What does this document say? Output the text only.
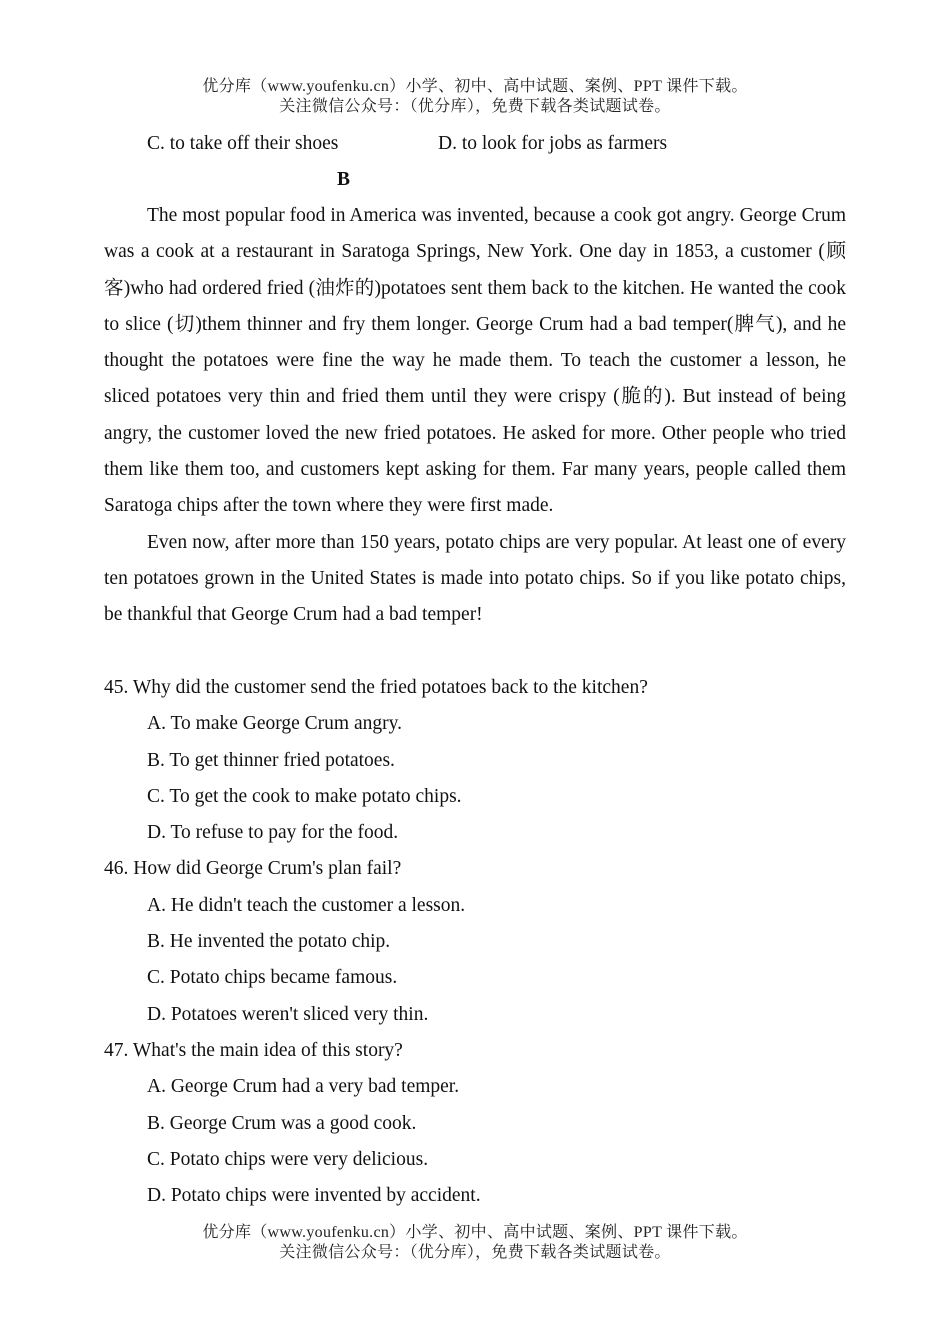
优分库（www.youfenku.cn）小学、初中、高中试题、案例、PPT 课件下载。
关注微信公众号：（优分库），免费下载各类试题试卷。
C. to take off their shoes	D. to look for jobs as farmers
B

The most popular food in America was invented, because a cook got angry. George Crum was a cook at a restaurant in Saratoga Springs, New York. One day in 1853, a customer (顾客)who had ordered fried (油炸的)potatoes sent them back to the kitchen. He wanted the cook to slice (切)them thinner and fry them longer. George Crum had a bad temper(脾气), and he thought the potatoes were fine the way he made them. To teach the customer a lesson, he sliced potatoes very thin and fried them until they were crispy (脆的). But instead of being angry, the customer loved the new fried potatoes. He asked for more. Other people who tried them like them too, and customers kept asking for them. Far many years, people called them Saratoga chips after the town where they were first made.

Even now, after more than 150 years, potato chips are very popular. At least one of every ten potatoes grown in the United States is made into potato chips. So if you like potato chips, be thankful that George Crum had a bad temper!

45. Why did the customer send the fried potatoes back to the kitchen?
A. To make George Crum angry.
B. To get thinner fried potatoes.
C. To get the cook to make potato chips.
D. To refuse to pay for the food.
46. How did George Crum's plan fail?
A. He didn't teach the customer a lesson.
B. He invented the potato chip.
C. Potato chips became famous.
D. Potatoes weren't sliced very thin.
47. What's the main idea of this story?
A. George Crum had a very bad temper.
B. George Crum was a good cook.
C. Potato chips were very delicious.
D. Potato chips were invented by accident.
优分库（www.youfenku.cn）小学、初中、高中试题、案例、PPT 课件下载。
关注微信公众号：（优分库），免费下载各类试题试卷。
